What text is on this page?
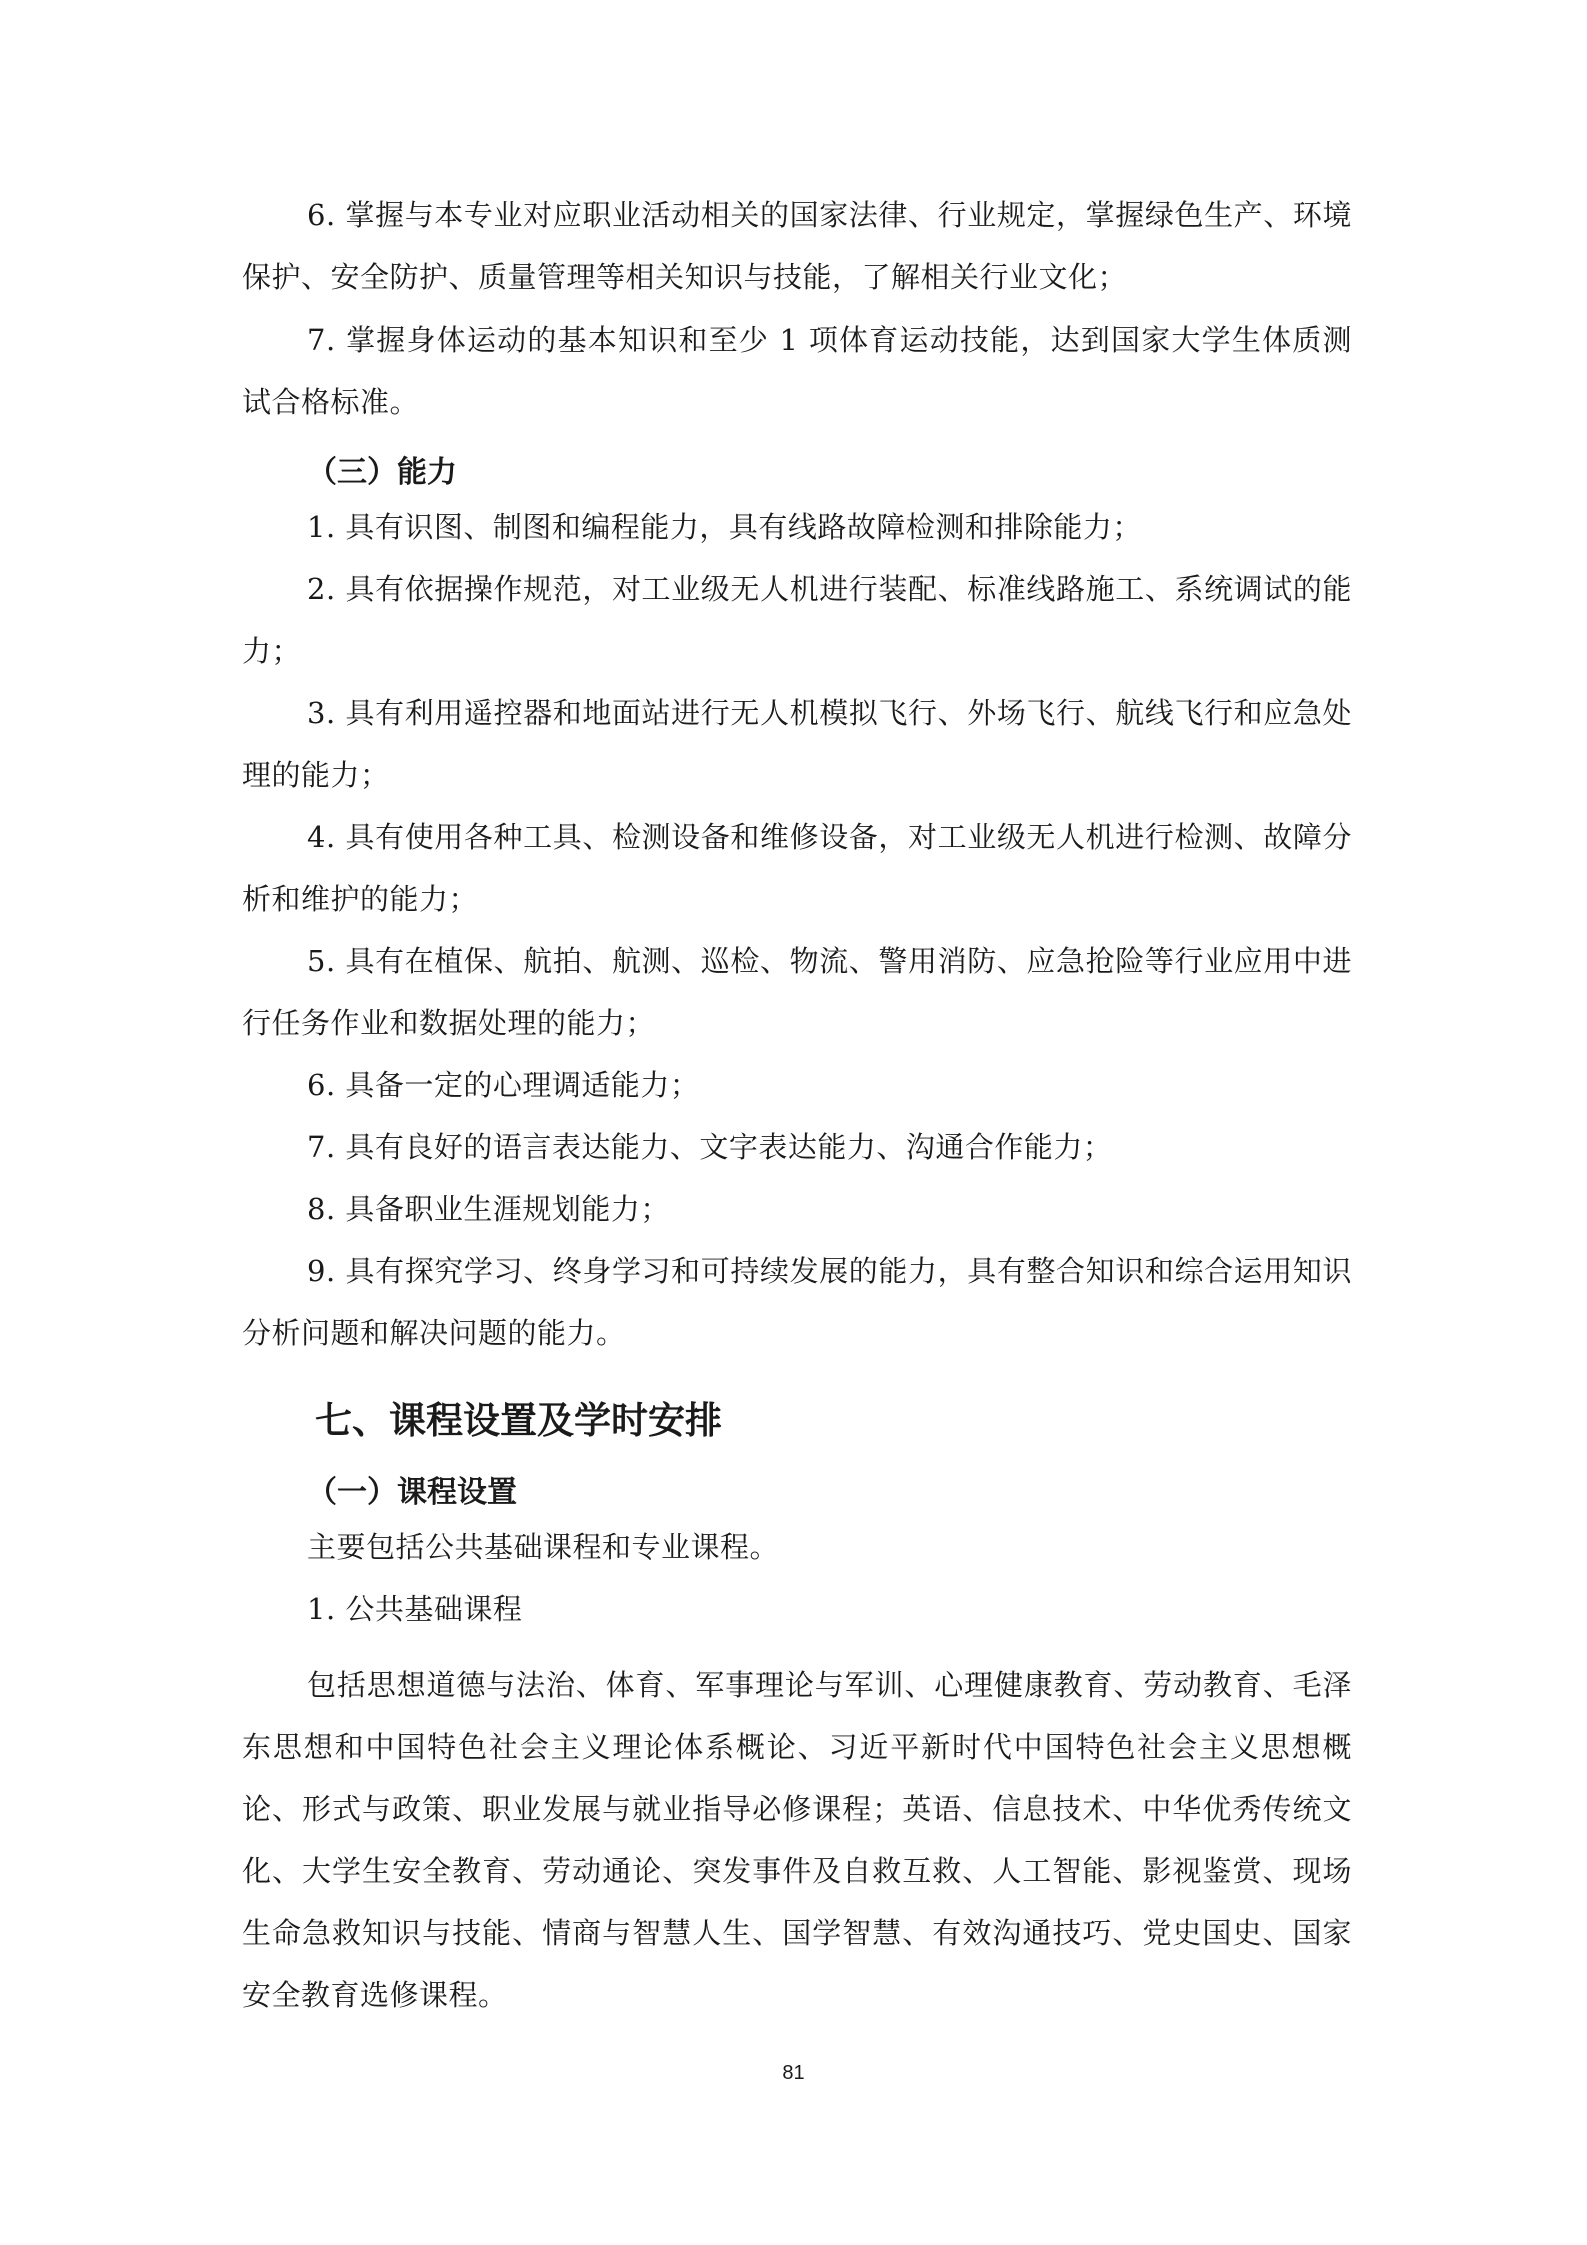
6. 掌握与本专业对应职业活动相关的国家法律、行业规定，掌握绿色生产、环境保护、安全防护、质量管理等相关知识与技能，了解相关行业文化；

7. 掌握身体运动的基本知识和至少 1 项体育运动技能，达到国家大学生体质测试合格标准。

（三）能力

1. 具有识图、制图和编程能力，具有线路故障检测和排除能力；

2. 具有依据操作规范，对工业级无人机进行装配、标准线路施工、系统调试的能力；

3. 具有利用遥控器和地面站进行无人机模拟飞行、外场飞行、航线飞行和应急处理的能力；

4. 具有使用各种工具、检测设备和维修设备，对工业级无人机进行检测、故障分析和维护的能力；

5. 具有在植保、航拍、航测、巡检、物流、警用消防、应急抢险等行业应用中进行任务作业和数据处理的能力；

6. 具备一定的心理调适能力；

7. 具有良好的语言表达能力、文字表达能力、沟通合作能力；

8. 具备职业生涯规划能力；

9. 具有探究学习、终身学习和可持续发展的能力，具有整合知识和综合运用知识分析问题和解决问题的能力。

七、课程设置及学时安排

（一）课程设置

主要包括公共基础课程和专业课程。

1. 公共基础课程

包括思想道德与法治、体育、军事理论与军训、心理健康教育、劳动教育、毛泽东思想和中国特色社会主义理论体系概论、习近平新时代中国特色社会主义思想概论、形式与政策、职业发展与就业指导必修课程；英语、信息技术、中华优秀传统文化、大学生安全教育、劳动通论、突发事件及自救互救、人工智能、影视鉴赏、现场生命急救知识与技能、情商与智慧人生、国学智慧、有效沟通技巧、党史国史、国家安全教育选修课程。

81
